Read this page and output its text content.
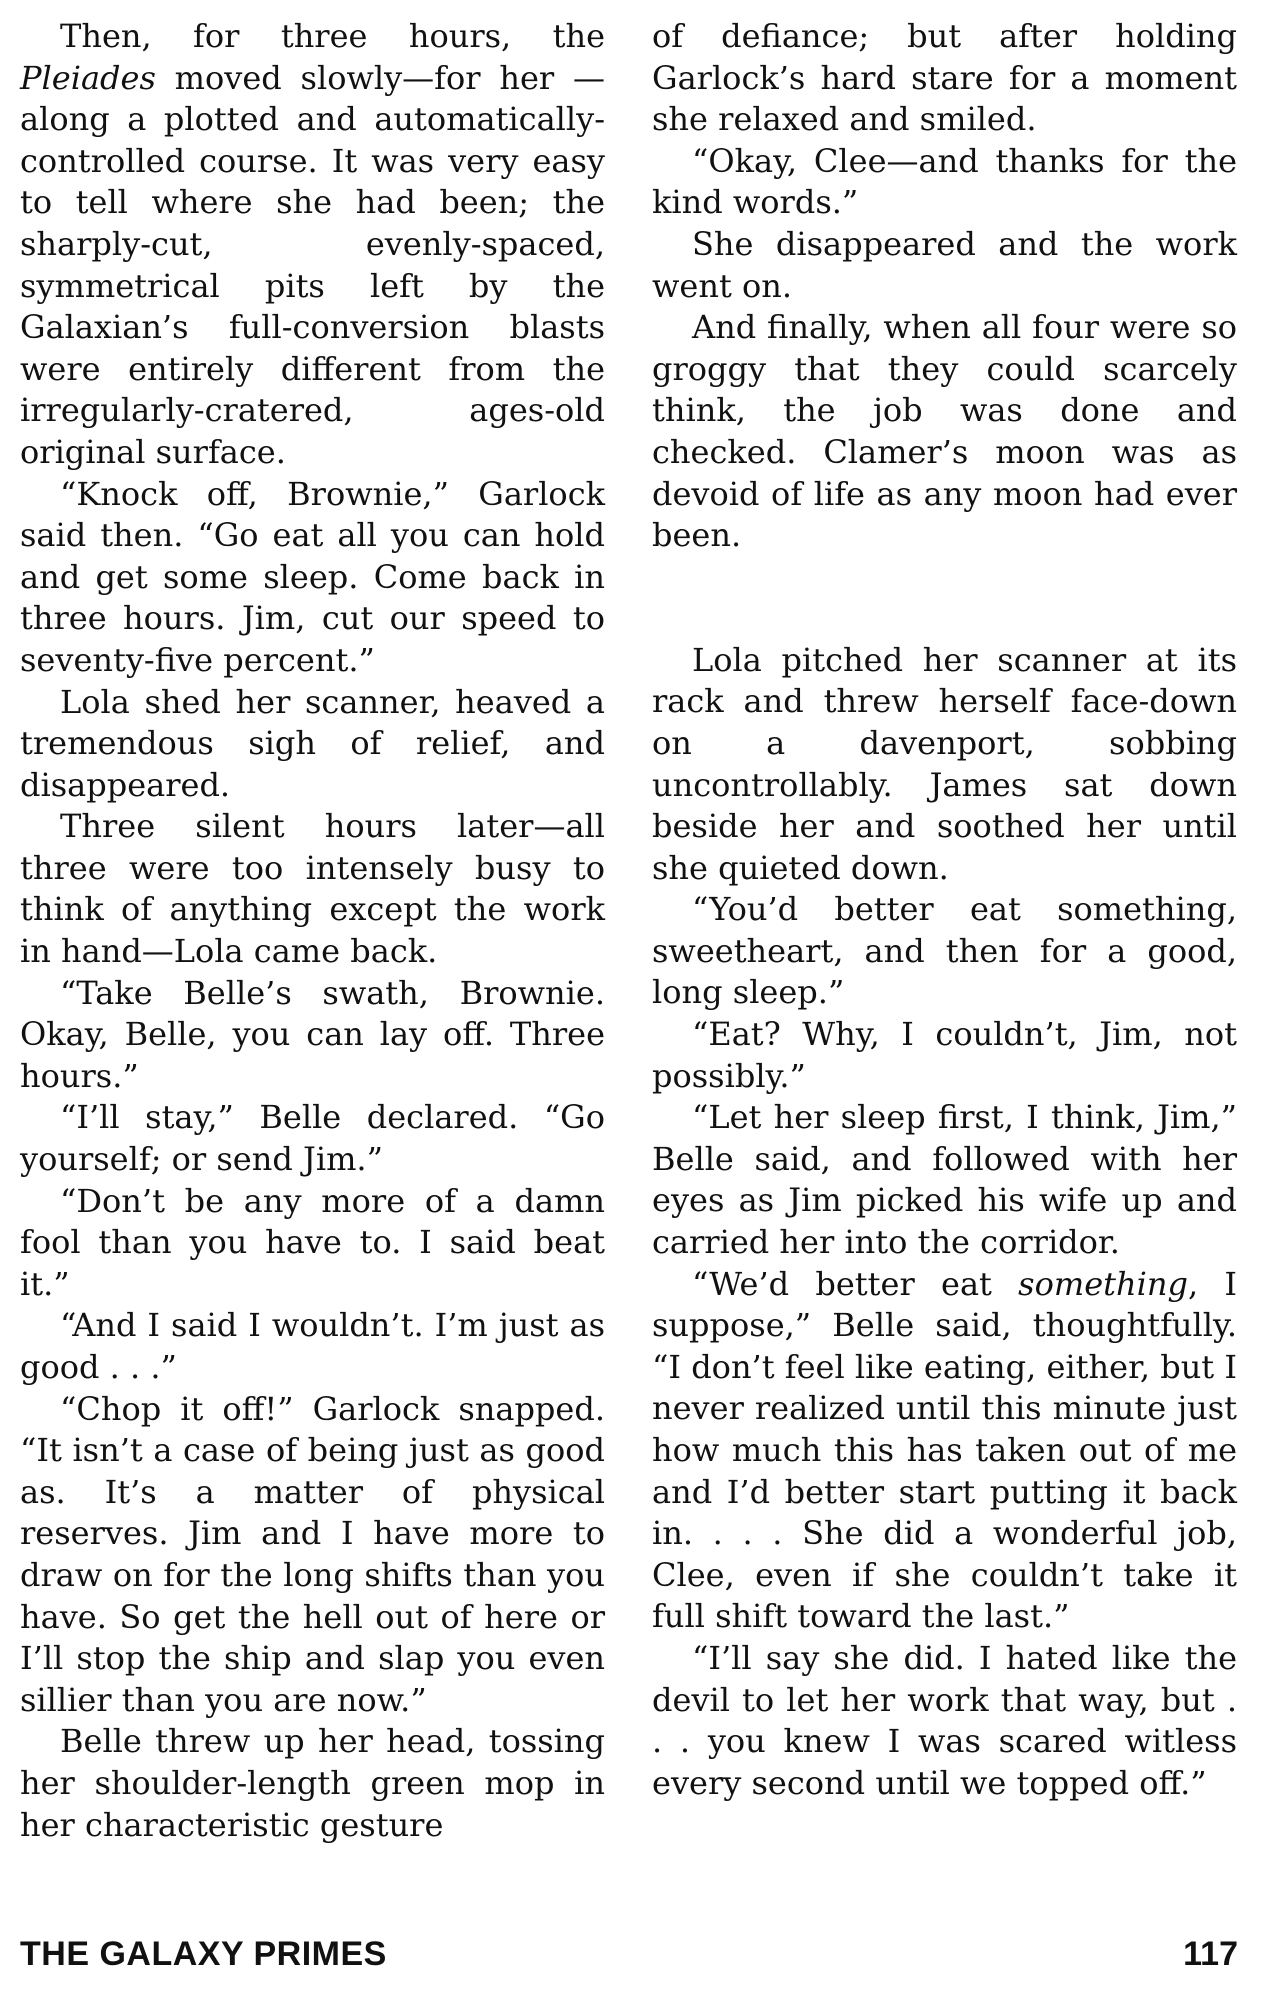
Then, for three hours, the Pleiades moved slowly—for her —along a plotted and automatically-controlled course. It was very easy to tell where she had been; the sharply-cut, evenly-spaced, symmetrical pits left by the Galaxian’s full-conversion blasts were entirely different from the irregularly-cratered, ages-old original surface.

“Knock off, Brownie,” Garlock said then. “Go eat all you can hold and get some sleep. Come back in three hours. Jim, cut our speed to seventy-five percent.”

Lola shed her scanner, heaved a tremendous sigh of relief, and disappeared.

Three silent hours later—all three were too intensely busy to think of anything except the work in hand—Lola came back.

“Take Belle’s swath, Brownie. Okay, Belle, you can lay off. Three hours.”

“I’ll stay,” Belle declared. “Go yourself; or send Jim.”

“Don’t be any more of a damn fool than you have to. I said beat it.”

“And I said I wouldn’t. I’m just as good . . .”

“Chop it off!” Garlock snapped. “It isn’t a case of being just as good as. It’s a matter of physical reserves. Jim and I have more to draw on for the long shifts than you have. So get the hell out of here or I’ll stop the ship and slap you even sillier than you are now.”

Belle threw up her head, tossing her shoulder-length green mop in her characteristic gesture

of defiance; but after holding Garlock’s hard stare for a moment she relaxed and smiled.

“Okay, Clee—and thanks for the kind words.”

She disappeared and the work went on.

And finally, when all four were so groggy that they could scarcely think, the job was done and checked. Clamer’s moon was as devoid of life as any moon had ever been.

Lola pitched her scanner at its rack and threw herself face-down on a davenport, sobbing uncontrollably. James sat down beside her and soothed her until she quieted down.

“You’d better eat something, sweetheart, and then for a good, long sleep.”

“Eat? Why, I couldn’t, Jim, not possibly.”

“Let her sleep first, I think, Jim,” Belle said, and followed with her eyes as Jim picked his wife up and carried her into the corridor.

“We’d better eat something, I suppose,” Belle said, thoughtfully. “I don’t feel like eating, either, but I never realized until this minute just how much this has taken out of me and I’d better start putting it back in. . . . She did a wonderful job, Clee, even if she couldn’t take it full shift toward the last.”

“I’ll say she did. I hated like the devil to let her work that way, but . . . you knew I was scared witless every second until we topped off.”

THE GALAXY PRIMES	117
